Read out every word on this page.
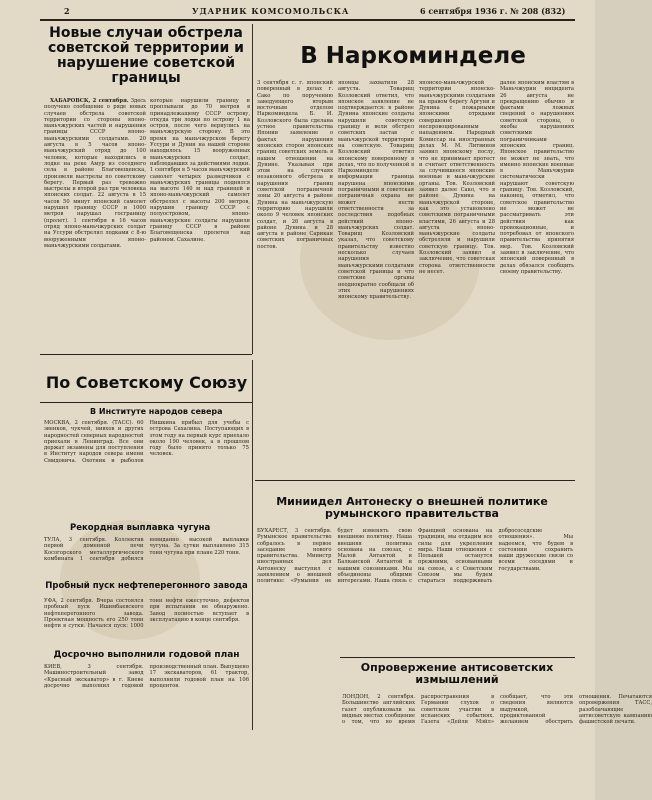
2	УДАРНИК КОМСОМОЛЬСКА	6 сентября 1936 г. № 208 (832)
Новые случаи обстрела советской территории и нарушение советской границы

ХАБАРОВСК, 2 сентября. Здесь получено сообщение о ряде новых случаев обстрела советской территории со стороны японо-маньчжурских частей и нарушения границы СССР японо-маньчжурскими солдатами. 20 августа в 5 часов японо-маньчжурский отряд до 100 человек, которые находились в лодке на реке Амур из соседнего села в районе Благовещенска, произвели выстрелы по советскому берегу. Первый раз тревожно выстрелы и второй раз три человека японских солдат. 22 августа в 15 часов 50 минут японский самолет нарушил границу СССР и 1000 метров нарушал госграницу (пролет). 1 сентября в 16 часов отряд японо-маньчжурских солдат на Уссури обстрелял лодками с 8-ю вооруженными японо-маньчжурскими солдатами.

которые нарушили границу и проплывали до 70 метров в принадлежащему СССР острову, откуда три лодки по острову 1 на остров, после чего вернулись на маньчжурскую сторону. В это время на маньчжурском берегу Уссури и Дунин на нашей стороне находилось 15 вооруженных маньчжурских солдат, наблюдавших за действиями лодки. 1 сентября в 5 часов маньчжурский самолет четырех разведчиков с маньчжурских границы поднялся на высоте 140 м над границей и японо-маньчжурский самолет обстрелял с высоты 200 метров, нарушив границу СССР с полуостровом, японо-маньчжурские солдаты нарушили границу СССР в районе Благовещенска пролетев над районом. Сахалине.
В Наркоминделе
3 сентября с. г. японский поверенный в делах г. Сако по поручению заведующего вторым восточным отделом Наркоминдела Б. И. Козловского была сделана устное правительства Японии заявление о фактах нарушения японских сторон японских границ советских земель в нашем отношении на Дунине. Указывая при этом на случаях незаконного обстрела и нарушения границ советской пограничной зоны 20 августа в районе Дунина на маньчжурскую территорию нарушили около 9 человек японских солдат, и 26 августа в районе Дунина и 28 августа в районе Сарикан советских пограничных постов.
японцы захватили 28 августа. Товарищ Козловский ответил, что японское заявление не подтверждается: в районе Дунина японские солдаты нарушили советскую границу и вели обстрел советских застав с маньчжурской территории на советскую. Товарищ Козловский ответил японскому поверенному в делах, что по полученной в Наркоминделе информации граница нарушена японскими пограничными и советская пограничная охрана не может нести ответственности за последствия подобных действий японо-маньчжурских солдат. Товарищ Козловский указал, что советскому правительству известно несколько случаев нарушения маньчжурскими солдатами советской границы и что советские органы неоднократно сообщали об этих нарушениях японскому правительству.
японско-маньчжурской территории японско-маньчжурскими солдатами на правом берегу Аргуни и Дунина с пожарными японскими отрядами совершенно неспровоцированным нападением. Народный Комиссар на иностранных делах М. М. Литвинов заявил японскому послу, что не принимает протест и считает ответственность за случившееся японские военные и маньчжурские органы. Тов. Козловский заявил далее Сако, что в районе Дунина на маньчжурской стороне, как это установлено советскими пограничными властями, 26 августа и 28 августа японо-маньчжурские солдаты обстреляли и нарушили советскую границу. Тов. Козловский заявил в заключение, что советская сторона ответственности не несет.
далее японским властям в Маньчжурии инцидента 26 августа не прекращению обычно и фактами ложных сведений о нарушениях советской стороны, о якобы нарушениях советскими пограничниками японских границ. Японское правительство не может не знать, что именно японские военные в Маньчжурии систематически нарушают советскую границу. Тов. Козловский, наконец, отметил, что советское правительство не может не рассматривать эти действия как провокационные, и потребовал от японского правительства принятия мер. Тов. Козловский заявил в заключение, что японский поверенный в делах обязался сообщить своему правительству.
По Советскому Союзу
В Институте народов севера
МОСКВА, 2 сентября. (ТАСС). 60 эвенков, чукчей, нивхов и других народностей северных народностей приехали в Ленинград. Все они держат экзамены для поступления в Институт народов севера имени Смидовича. Охотник и рыболов Нишкина прибыл для учебы с острова Сахалина. Поступающих в этом году на первый курс приехало около 190 человек, а в прошлом году было принято только 75 человек.
Рекордная выплавка чугуна
ТУЛА, 3 сентября. Коллектив первой доменной печи Косогорского металлургического комбината 1 сентября добился невиданно высокой выплавки чугуна. За сутки выплавлено 315 тонн чугуна при плане 220 тонн.
Пробный пуск нефтеперегонного завода
УФА, 2 сентября. Вчера состоялся пробный пуск Ишимбаевского нефтеперегонного завода. Проектная мощность его 250 тонн нефти в сутки. Начался пуск: 1000 тонн нефти ежесуточно, дефектов при испытании не обнаружено. Завод полностью вступает в эксплуатацию в конце сентября.
Досрочно выполнили годовой план
КИЕВ, 3 сентября. Машиностроительный завод «Красный экскаватор» в г. Киеве досрочно выполнил годовой производственный план. Выпущено 17 экскаваторов, 61 трактор, выполнили годовой план на 106 процентов.
Миниидел Антонеску о внешней политике румынского правительства
БУХАРЕСТ, 3 сентября. Румынское правительство собралось в первое заседание нового правительства. Министр иностранных дел Антонеску выступил с заявлением о внешней политике: «Румыния не будет изменять свою внешнюю политику. Наша внешняя политика основана на союзах, с Малой Антантой и Балканской Антантой и нашими союзниками. Мы объединены общими интересами. Наша связь с Францией основана на традиции, мы отдадим все силы для укрепления мира. Наши отношения с Польшей останутся прежними, основанными на союзе, а с Советским Союзом мы будем стараться поддерживать добрососедские отношения». Мы надеемся, что будем в состоянии сохранить наши дружеские связи со всеми соседями и государствами.
Опровержение антисоветских измышлений
ЛОНДОН, 2 сентября. Большинство английских газет опубликовали на видных местах сообщение о том, что во время распространения в Германии слухов о советском участии в испанских событиях. Газета «Дейли Мэйл» сообщает, что эти сведения являются выдумкой, продиктованной желанием обострить отношения. Печатаются опровержения ТАСС, разоблачающие антисоветскую кампанию фашистской печати.
